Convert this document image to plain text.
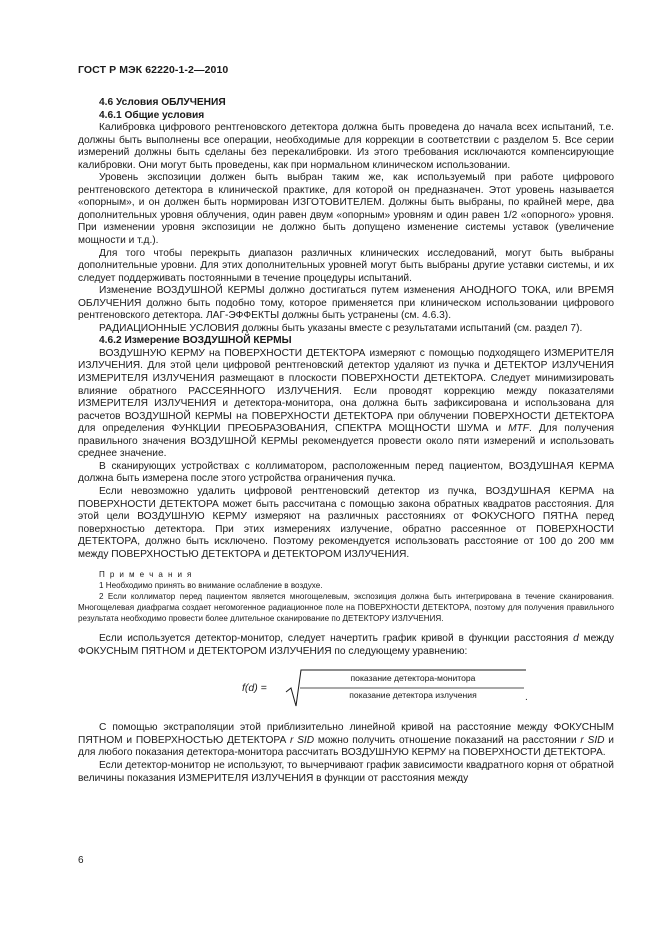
ГОСТ Р МЭК 62220-1-2—2010

4.6 Условия ОБЛУЧЕНИЯ

4.6.1 Общие условия

Калибровка цифрового рентгеновского детектора должна быть проведена до начала всех испытаний, т.е. должны быть выполнены все операции, необходимые для коррекции в соответствии с разделом 5. Все серии измерений должны быть сделаны без перекалибровки. Из этого требования исключаются компенсирующие калибровки. Они могут быть проведены, как при нормальном клиническом использовании.

Уровень экспозиции должен быть выбран таким же, как используемый при работе цифрового рентгеновского детектора в клинической практике, для которой он предназначен. Этот уровень называется «опорным», и он должен быть нормирован ИЗГОТОВИТЕЛЕМ. Должны быть выбраны, по крайней мере, два дополнительных уровня облучения, один равен двум «опорным» уровням и один равен 1/2 «опорного» уровня. При изменении уровня экспозиции не должно быть допущено изменение системы уставок (увеличение мощности и т.д.).

Для того чтобы перекрыть диапазон различных клинических исследований, могут быть выбраны дополнительные уровни. Для этих дополнительных уровней могут быть выбраны другие уставки системы, и их следует поддерживать постоянными в течение процедуры испытаний.

Изменение ВОЗДУШНОЙ КЕРМЫ должно достигаться путем изменения АНОДНОГО ТОКА, или ВРЕМЯ ОБЛУЧЕНИЯ должно быть подобно тому, которое применяется при клиническом использовании цифрового рентгеновского детектора. ЛАГ-ЭФФЕКТЫ должны быть устранены (см. 4.6.3).

РАДИАЦИОННЫЕ УСЛОВИЯ должны быть указаны вместе с результатами испытаний (см. раздел 7).

4.6.2 Измерение ВОЗДУШНОЙ КЕРМЫ

ВОЗДУШНУЮ КЕРМУ на ПОВЕРХНОСТИ ДЕТЕКТОРА измеряют с помощью подходящего ИЗМЕРИТЕЛЯ ИЗЛУЧЕНИЯ. Для этой цели цифровой рентгеновский детектор удаляют из пучка и ДЕТЕКТОР ИЗЛУЧЕНИЯ ИЗМЕРИТЕЛЯ ИЗЛУЧЕНИЯ размещают в плоскости ПОВЕРХНОСТИ ДЕТЕКТОРА. Следует минимизировать влияние обратного РАССЕЯННОГО ИЗЛУЧЕНИЯ. Если проводят коррекцию между показателями ИЗМЕРИТЕЛЯ ИЗЛУЧЕНИЯ и детектора-монитора, она должна быть зафиксирована и использована для расчетов ВОЗДУШНОЙ КЕРМЫ на ПОВЕРХНОСТИ ДЕТЕКТОРА при облучении ПОВЕРХНОСТИ ДЕТЕКТОРА для определения ФУНКЦИИ ПРЕОБРАЗОВАНИЯ, СПЕКТРА МОЩНОСТИ ШУМА и MTF. Для получения правильного значения ВОЗДУШНОЙ КЕРМЫ рекомендуется провести около пяти измерений и использовать среднее значение.

В сканирующих устройствах с коллиматором, расположенным перед пациентом, ВОЗДУШНАЯ КЕРМА должна быть измерена после этого устройства ограничения пучка.

Если невозможно удалить цифровой рентгеновский детектор из пучка, ВОЗДУШНАЯ КЕРМА на ПОВЕРХНОСТИ ДЕТЕКТОРА может быть рассчитана с помощью закона обратных квадратов расстояния. Для этой цели ВОЗДУШНУЮ КЕРМУ измеряют на различных расстояниях от ФОКУСНОГО ПЯТНА перед поверхностью детектора. При этих измерениях излучение, обратно рассеянное от ПОВЕРХНОСТИ ДЕТЕКТОРА, должно быть исключено. Поэтому рекомендуется использовать расстояние от 100 до 200 мм между ПОВЕРХНОСТЬЮ ДЕТЕКТОРА и ДЕТЕКТОРОМ ИЗЛУЧЕНИЯ.

П р и м е ч а н и я

1 Необходимо принять во внимание ослабление в воздухе.

2 Если коллиматор перед пациентом является многощелевым, экспозиция должна быть интегрирована в течение сканирования. Многощелевая диафрагма создает негомогенное радиационное поле на ПОВЕРХНОСТИ ДЕТЕКТОРА, поэтому для получения правильного результата необходимо провести более длительное сканирование по ДЕТЕКТОРУ ИЗЛУЧЕНИЯ.

Если используется детектор-монитор, следует начертить график кривой в функции расстояния d между ФОКУСНЫМ ПЯТНОМ и ДЕТЕКТОРОМ ИЗЛУЧЕНИЯ по следующему уравнению:

f(d) =
показание детектора-монитора
показание детектора излучения	.

С помощью экстраполяции этой приблизительно линейной кривой на расстояние между ФОКУСНЫМ ПЯТНОМ и ПОВЕРХНОСТЬЮ ДЕТЕКТОРА r SID можно получить отношение показаний на расстоянии r SID и для любого показания детектора-монитора рассчитать ВОЗДУШНУЮ КЕРМУ на ПОВЕРХНОСТИ ДЕТЕКТОРА.

Если детектор-монитор не используют, то вычерчивают график зависимости квадратного корня от обратной величины показания ИЗМЕРИТЕЛЯ ИЗЛУЧЕНИЯ в функции от расстояния между

6
